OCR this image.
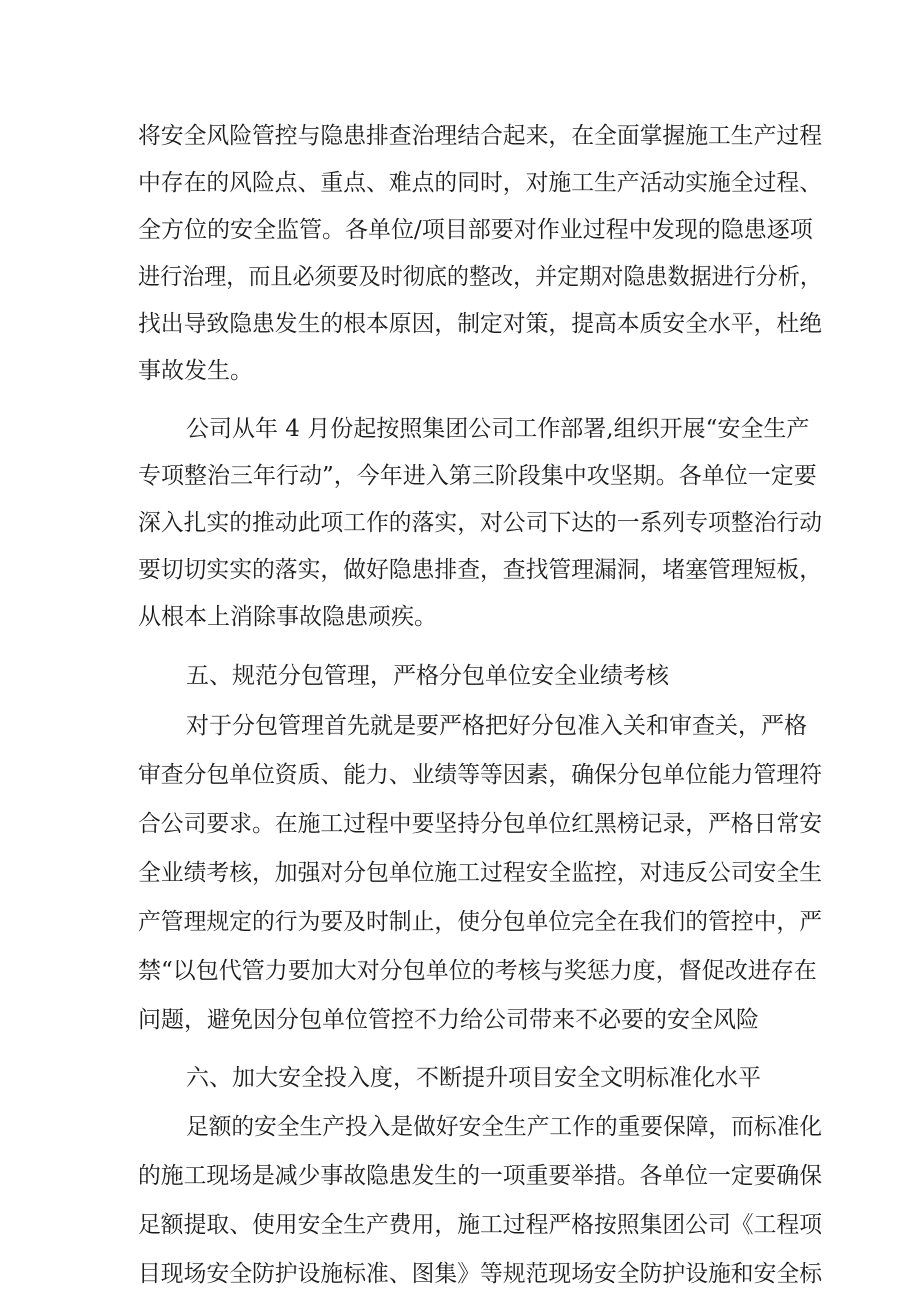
将安全风险管控与隐患排查治理结合起来，在全面掌握施工生产过程
中存在的风险点、重点、难点的同时，对施工生产活动实施全过程、
全方位的安全监管。各单位/项目部要对作业过程中发现的隐患逐项
进行治理，而且必须要及时彻底的整改，并定期对隐患数据进行分析，
找出导致隐患发生的根本原因，制定对策，提高本质安全水平，杜绝
事故发生。
公司从年 4 月份起按照集团公司工作部署,组织开展“安全生产
专项整治三年行动”，今年进入第三阶段集中攻坚期。各单位一定要
深入扎实的推动此项工作的落实，对公司下达的一系列专项整治行动
要切切实实的落实，做好隐患排查，查找管理漏洞，堵塞管理短板，
从根本上消除事故隐患顽疾。
五、规范分包管理，严格分包单位安全业绩考核
对于分包管理首先就是要严格把好分包准入关和审查关，严格
审查分包单位资质、能力、业绩等等因素，确保分包单位能力管理符
合公司要求。在施工过程中要坚持分包单位红黑榜记录，严格日常安
全业绩考核，加强对分包单位施工过程安全监控，对违反公司安全生
产管理规定的行为要及时制止，使分包单位完全在我们的管控中，严
禁“以包代管力要加大对分包单位的考核与奖惩力度，督促改进存在
问题，避免因分包单位管控不力给公司带来不必要的安全风险
六、加大安全投入度，不断提升项目安全文明标准化水平
足额的安全生产投入是做好安全生产工作的重要保障，而标准化
的施工现场是减少事故隐患发生的一项重要举措。各单位一定要确保
足额提取、使用安全生产费用，施工过程严格按照集团公司《工程项
目现场安全防护设施标准、图集》等规范现场安全防护设施和安全标
